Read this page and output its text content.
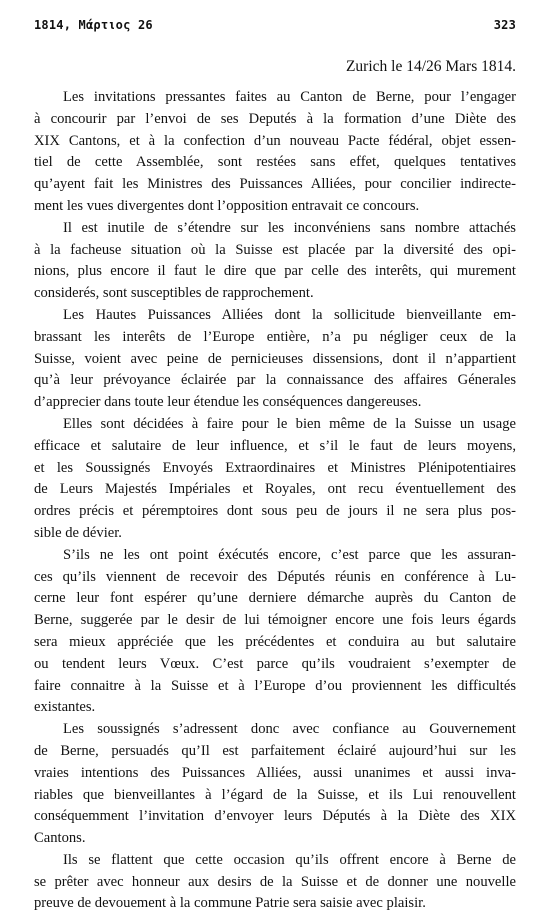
1814, Μάρτιος 26	323
Zurich le 14/26 Mars 1814.
Les invitations pressantes faites au Canton de Berne, pour l’engager
à concourir par l’envoi de ses Deputés à la formation d’une Diète des
XIX Cantons, et à la confection d’un nouveau Pacte fédéral, objet essen-
tiel de cette Assemblée, sont restées sans effet, quelques tentatives
qu’ayent fait les Ministres des Puissances Alliées, pour concilier indirecte-
ment les vues divergentes dont l’opposition entravait ce concours.
Il est inutile de s’étendre sur les inconvéniens sans nombre attachés
à la facheuse situation où la Suisse est placée par la diversité des opi-
nions, plus encore il faut le dire que par celle des interêts, qui murement
considerés, sont susceptibles de rapprochement.
Les Hautes Puissances Alliées dont la sollicitude bienveillante em-
brassant les interêts de l’Europe entière, n’a pu négliger ceux de la
Suisse, voient avec peine de pernicieuses dissensions, dont il n’appartient
qu’à leur prévoyance éclairée par la connaissance des affaires Génerales
d’apprecier dans toute leur étendue les conséquences dangereuses.
Elles sont décidées à faire pour le bien même de la Suisse un usage
efficace et salutaire de leur influence, et s’il le faut de leurs moyens,
et les Soussignés Envoyés Extraordinaires et Ministres Plénipotentiaires
de Leurs Majestés Impériales et Royales, ont recu éventuellement des
ordres précis et péremptoires dont sous peu de jours il ne sera plus pos-
sible de dévier.
S’ils ne les ont point éxécutés encore, c’est parce que les assuran-
ces qu’ils viennent de recevoir des Députés réunis en conférence à Lu-
cerne leur font espérer qu’une derniere démarche auprès du Canton de
Berne, suggerée par le desir de lui témoigner encore une fois leurs égards
sera mieux appréciée que les précédentes et conduira au but salutaire
ou tendent leurs Vœux. C’est parce qu’ils voudraient s’exempter de
faire connaitre à la Suisse et à l’Europe d’ou proviennent les difficultés
existantes.
Les soussignés s’adressent donc avec confiance au Gouvernement
de Berne, persuadés qu’Il est parfaitement éclairé aujourd’hui sur les
vraies intentions des Puissances Alliées, aussi unanimes et aussi inva-
riables que bienveillantes à l’égard de la Suisse, et ils Lui renouvellent
conséquemment l’invitation d’envoyer leurs Députés à la Diète des XIX
Cantons.
Ils se flattent que cette occasion qu’ils offrent encore à Berne de
se prêter avec honneur aux desirs de la Suisse et de donner une nouvelle
preuve de devouement à la commune Patrie sera saisie avec plaisir.
